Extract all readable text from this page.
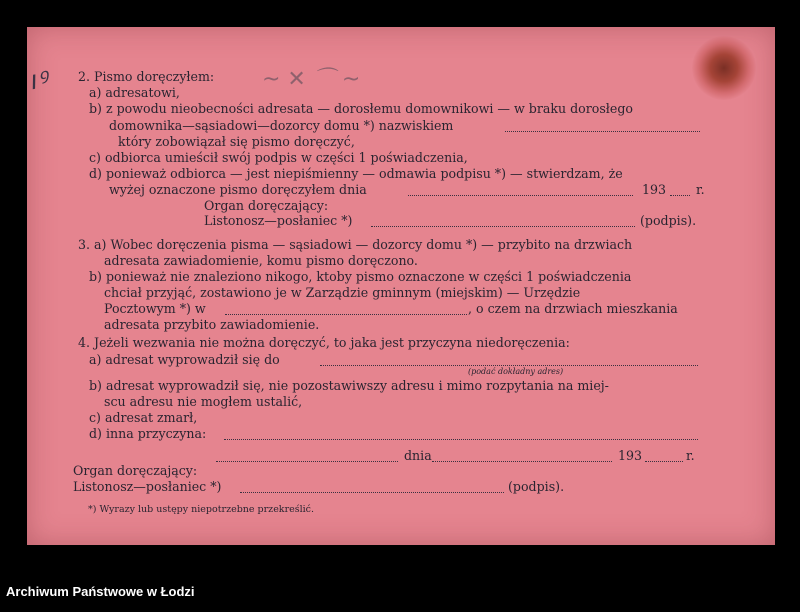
ıꝰ	~ ✕ ⌒ ~
2. Pismo doręczyłem:
a) adresatowi,
b) z powodu nieobecności adresata — dorosłemu domownikowi — w braku dorosłego
domownika—sąsiadowi—dozorcy domu *) nazwiskiem
który zobowiązał się pismo doręczyć,
c) odbiorca umieścił swój podpis w części 1 poświadczenia,
d) ponieważ odbiorca — jest niepiśmienny — odmawia podpisu *) — stwierdzam, że
wyżej oznaczone pismo doręczyłem dnia	193 r.
Organ doręczający:
Listonosz—posłaniec *)	(podpis).
3. a) Wobec doręczenia pisma — sąsiadowi — dozorcy domu *) — przybito na drzwiach
adresata zawiadomienie, komu pismo doręczono.
b) ponieważ nie znaleziono nikogo, ktoby pismo oznaczone w części 1 poświadczenia
chciał przyjąć, zostawiono je w Zarządzie gminnym (miejskim) — Urzędzie
Pocztowym *) w	, o czem na drzwiach mieszkania
adresata przybito zawiadomienie.
4. Jeżeli wezwania nie można doręczyć, to jaka jest przyczyna niedoręczenia:
a) adresat wyprowadził się do
(podać dokładny adres)
b) adresat wyprowadził się, nie pozostawiwszy adresu i mimo rozpytania na miej-
scu adresu nie mogłem ustalić,
c) adresat zmarł,
d) inna przyczyna:
dnia	193	r.
Organ doręczający:
Listonosz—posłaniec *)	(podpis).
*) Wyrazy lub ustępy niepotrzebne przekreślić.
Archiwum Państwowe w Łodzi
